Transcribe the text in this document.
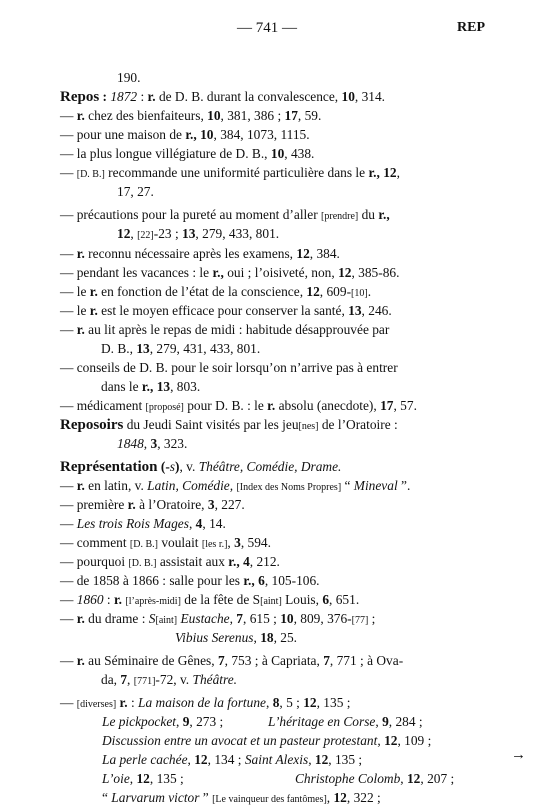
— 741 —	REP
190.
Repos : 1872 : r. de D. B. durant la convalescence, 10, 314.
— r. chez des bienfaiteurs, 10, 381, 386 ; 17, 59.
— pour une maison de r., 10, 384, 1073, 1115.
— la plus longue villégiature de D. B., 10, 438.
— [D. B.] recommande une uniformité particulière dans le r., 12,
17, 27.
— précautions pour la pureté au moment d’aller [prendre] du r.,
12, [22]-23 ; 13, 279, 433, 801.
— r. reconnu nécessaire après les examens, 12, 384.
— pendant les vacances : le r., oui ; l’oisiveté, non, 12, 385-86.
— le r. en fonction de l’état de la conscience, 12, 609-[10].
— le r. est le moyen efficace pour conserver la santé, 13, 246.
— r. au lit après le repas de midi : habitude désapprouvée par
D. B., 13, 279, 431, 433, 801.
— conseils de D. B. pour le soir lorsqu’on n’arrive pas à entrer
dans le r., 13, 803.
— médicament [proposé] pour D. B. : le r. absolu (anecdote), 17, 57.
Reposoirs du Jeudi Saint visités par les jeu[nes] de l’Oratoire :
1848, 3, 323.
Représentation (-s), v. Théâtre, Comédie, Drame.
— r. en latin, v. Latin, Comédie, [Index des Noms Propres] “ Mineval ”.
— première r. à l’Oratoire, 3, 227.
— Les trois Rois Mages, 4, 14.
— comment [D. B.] voulait [les r.], 3, 594.
— pourquoi [D. B.] assistait aux r., 4, 212.
— de 1858 à 1866 : salle pour les r., 6, 105-106.
— 1860 : r. [l’après-midi] de la fête de S[aint] Louis, 6, 651.
— r. du drame : S[aint] Eustache, 7, 615 ; 10, 809, 376-[77] ;
Vibius Serenus, 18, 25.
— r. au Séminaire de Gênes, 7, 753 ; à Capriata, 7, 771 ; à Ova-
da, 7, [771]-72, v. Théâtre.
— [diverses] r. : La maison de la fortune, 8, 5 ; 12, 135 ;
Le pickpocket, 9, 273 ;	L’héritage en Corse, 9, 284 ;
Discussion entre un avocat et un pasteur protestant, 12, 109 ;
La perle cachée, 12, 134 ; Saint Alexis, 12, 135 ;
L’oie, 12, 135 ;	Christophe Colomb, 12, 207 ;
“ Larvarum victor ” [Le vainqueur des fantômes], 12, 322 ;
→
